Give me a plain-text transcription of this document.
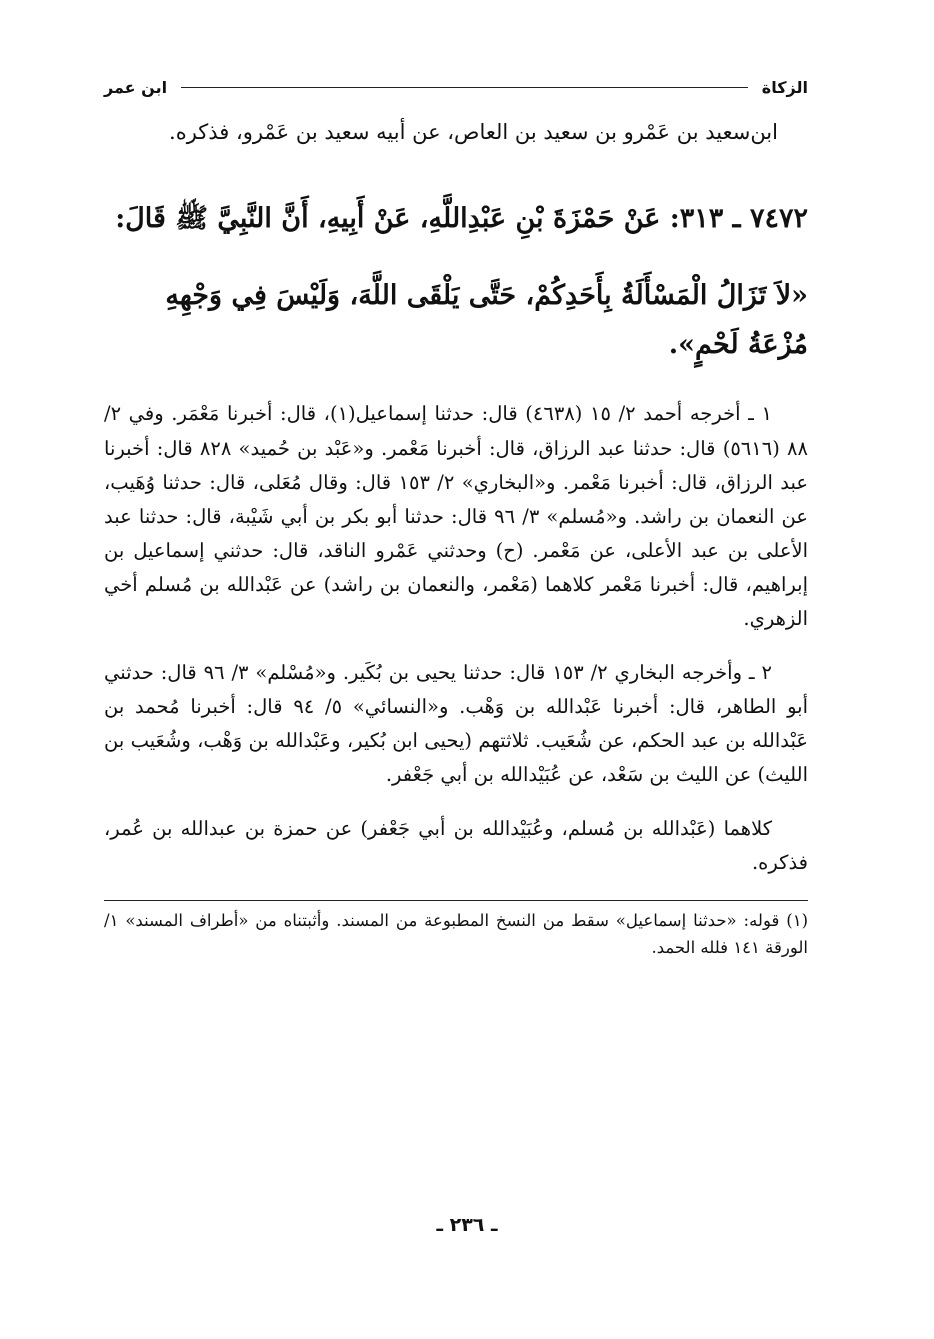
الزكاة
ابن عمر

ابن‌سعيد بن عَمْرو بن سعيد بن العاص، عن أبيه سعيد بن عَمْرو، فذكره.

٧٤٧٢ ـ ٣١٣: عَنْ حَمْزَةَ بْنِ عَبْدِاللَّهِ، عَنْ أَبِيهِ، أَنَّ النَّبِيَّ ﷺ قَالَ:

«لاَ تَزَالُ الْمَسْأَلَةُ بِأَحَدِكُمْ، حَتَّى يَلْقَى اللَّهَ، وَلَيْسَ فِي وَجْهِهِ مُزْعَةُ لَحْمٍ».

١ ـ أخرجه أحمد ٢/ ١٥ (٤٦٣٨) قال: حدثنا إسماعيل(١)، قال: أخبرنا مَعْمَر. وفي ٢/ ٨٨ (٥٦١٦) قال: حدثنا عبد الرزاق، قال: أخبرنا مَعْمر. و«عَبْد بن حُميد» ٨٢٨ قال: أخبرنا عبد الرزاق، قال: أخبرنا مَعْمر. و«البخاري» ٢/ ١٥٣ قال: وقال مُعَلى، قال: حدثنا وُهَيب، عن النعمان بن راشد. و«مُسلم» ٣/ ٩٦ قال: حدثنا أبو بكر بن أبي شَيْبة، قال: حدثنا عبد الأعلى بن عبد الأعلى، عن مَعْمر. (ح) وحدثني عَمْرو الناقد، قال: حدثني إسماعيل بن إبراهيم، قال: أخبرنا مَعْمر كلاهما (مَعْمر، والنعمان بن راشد) عن عَبْدالله بن مُسلم أخي الزهري.

٢ ـ وأخرجه البخاري ٢/ ١٥٣ قال: حدثنا يحيى بن بُكَير. و«مُسْلم» ٣/ ٩٦ قال: حدثني أبو الطاهر، قال: أخبرنا عَبْدالله بن وَهْب. و«النسائي» ٥/ ٩٤ قال: أخبرنا مُحمد بن عَبْدالله بن عبد الحكم، عن شُعَيب. ثلاثتهم (يحيى ابن بُكير، وعَبْدالله بن وَهْب، وشُعَيب بن الليث) عن الليث بن سَعْد، عن عُبَيْدالله بن أبي جَعْفر.

كلاهما (عَبْدالله بن مُسلم، وعُبَيْدالله بن أبي جَعْفر) عن حمزة بن عبدالله بن عُمر، فذكره.

(١) قوله: «حدثنا إسماعيل» سقط من النسخ المطبوعة من المسند. وأثبتناه من «أطراف المسند» ١/ الورقة ١٤١ فلله الحمد.

ـ ٢٣٦ ـ
